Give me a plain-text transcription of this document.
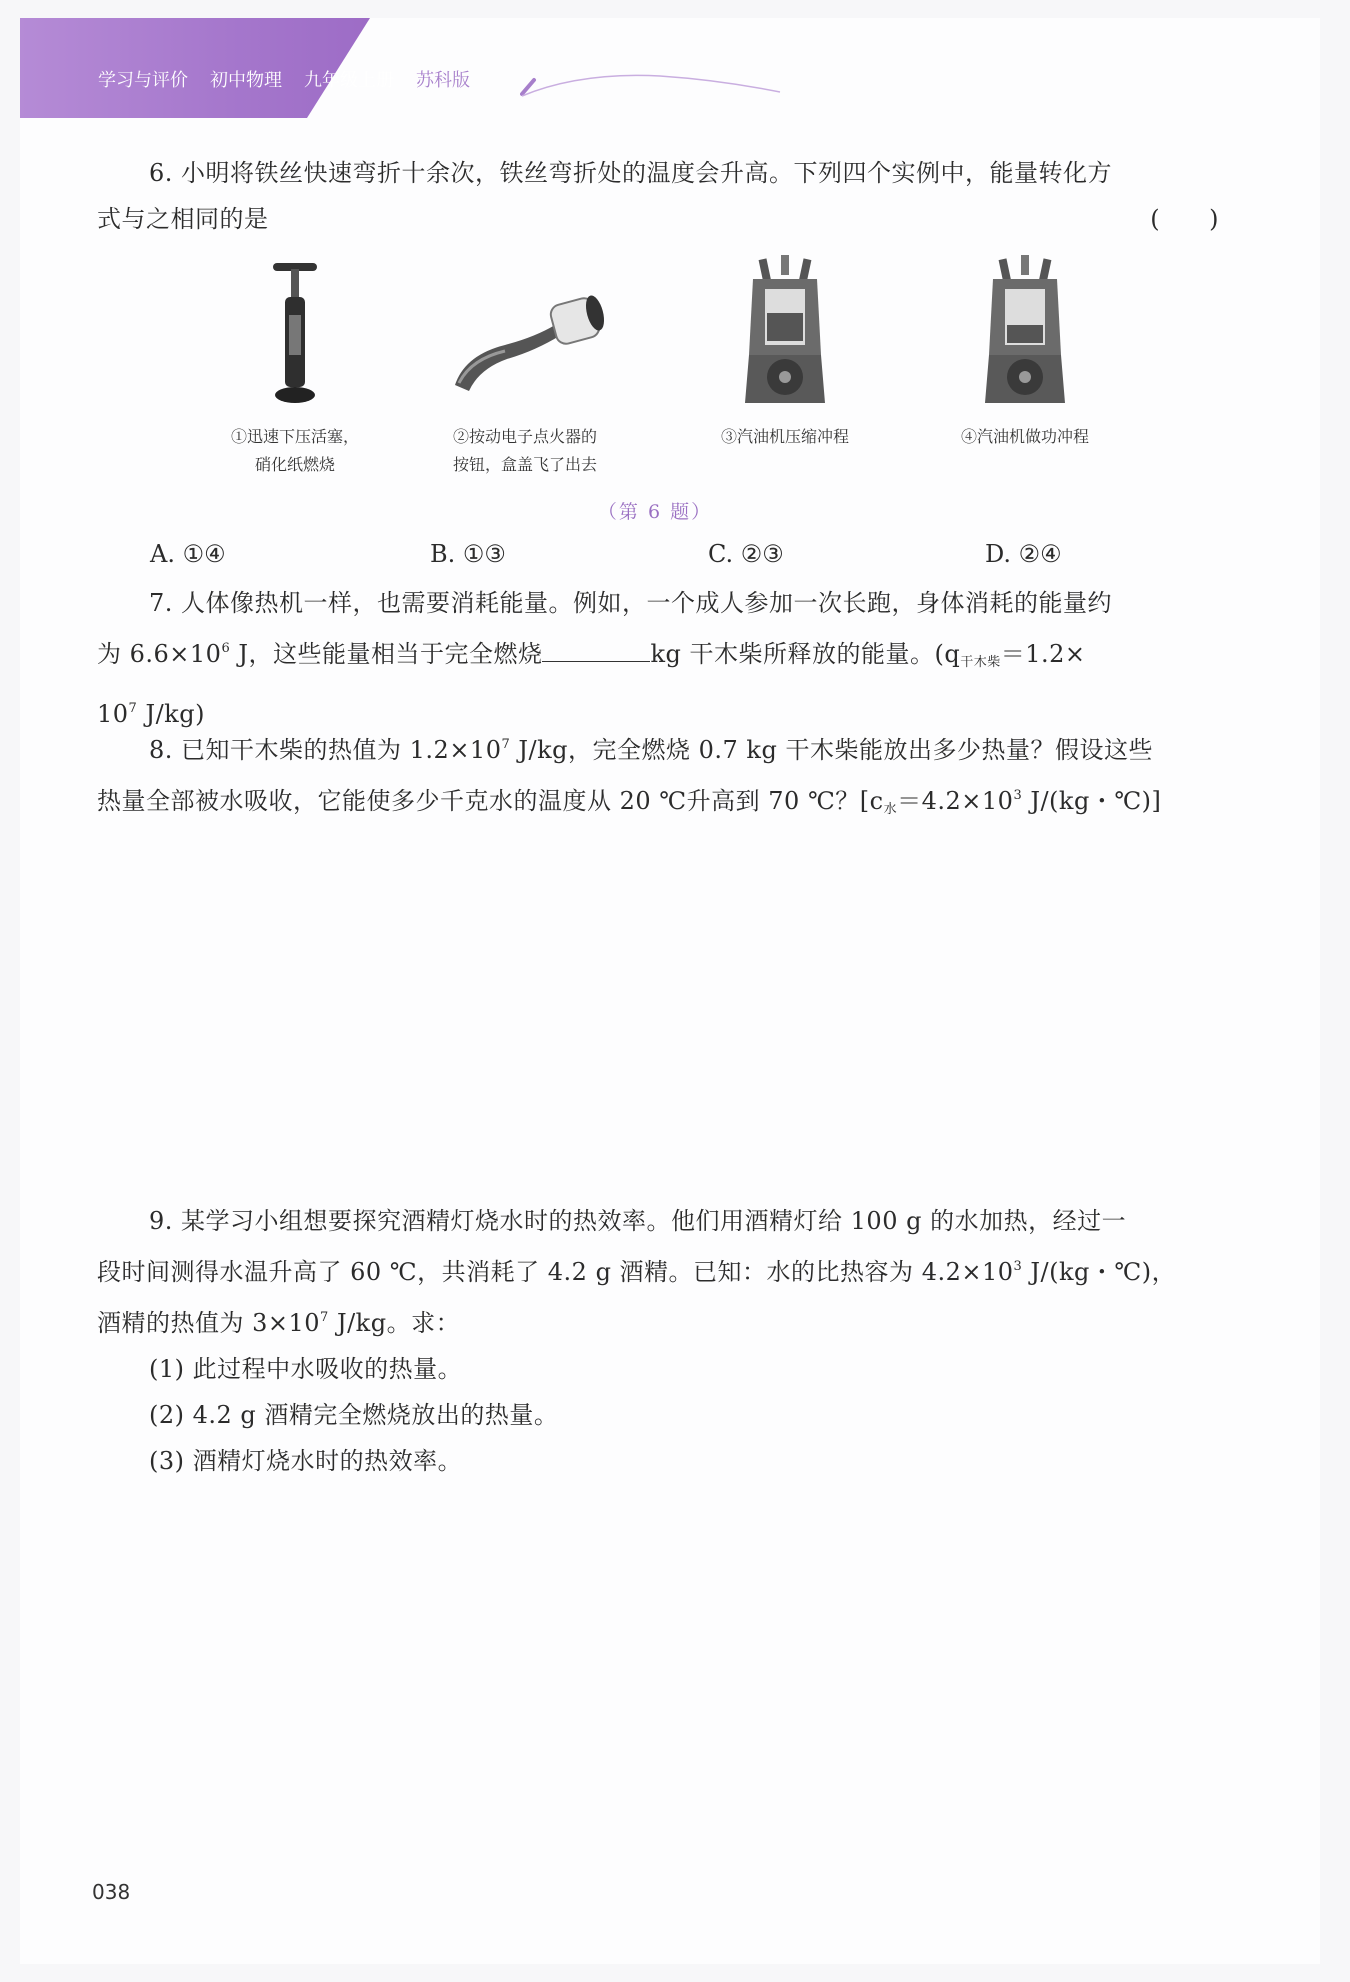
学习与评价 初中物理 九年级上册 苏科版
6. 小明将铁丝快速弯折十余次，铁丝弯折处的温度会升高。下列四个实例中，能量转化方
式与之相同的是	(　　)
①迅速下压活塞，
硝化纸燃烧
②按动电子点火器的
按钮，盒盖飞了出去
③汽油机压缩冲程	④汽油机做功冲程
（第 6 题）
A. ①④	B. ①③	C. ②③	D. ②④
7. 人体像热机一样，也需要消耗能量。例如，一个成人参加一次长跑，身体消耗的能量约
为 $6.6\times 10^6$ J，这些能量相当于完全燃烧	kg 干木柴所释放的能量。($q_{干木柴}=1.2\times$
$10^7$ J/kg)
8. 已知干木柴的热值为 $1.2\times 10^7$ J/kg，完全燃烧 0.7 kg 干木柴能放出多少热量？假设这些
热量全部被水吸收，它能使多少千克水的温度从 20 ℃升高到 70 ℃？[$c_水=4.2\times 10^3$ J/(kg・℃)]
9. 某学习小组想要探究酒精灯烧水时的热效率。他们用酒精灯给 100 g 的水加热，经过一
段时间测得水温升高了 60 ℃，共消耗了 4.2 g 酒精。已知：水的比热容为 $4.2\times 10^3$ J/(kg・℃)，
酒精的热值为 $3\times 10^7$ J/kg。求：
(1) 此过程中水吸收的热量。
(2) 4.2 g 酒精完全燃烧放出的热量。
(3) 酒精灯烧水时的热效率。
038
